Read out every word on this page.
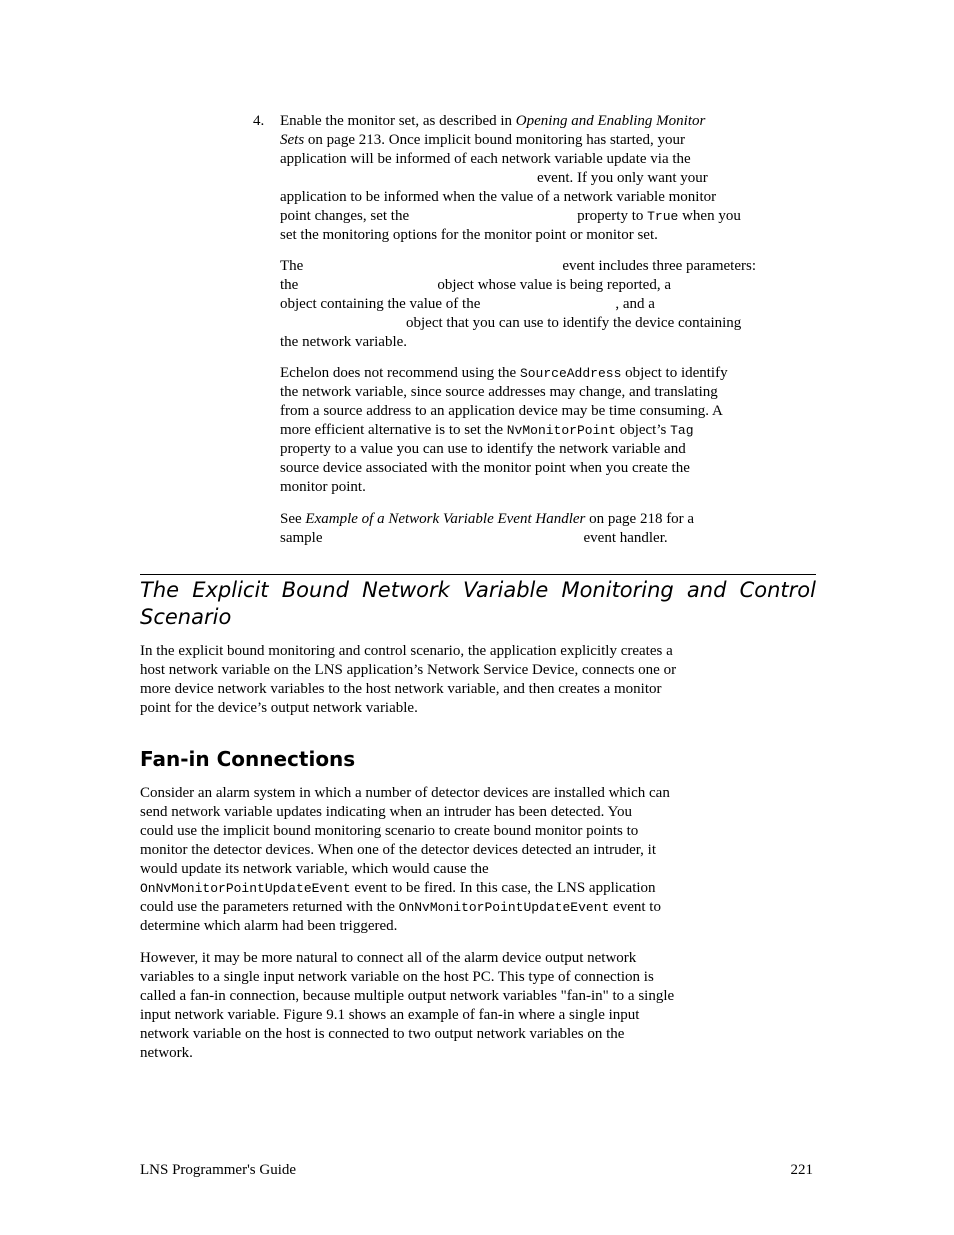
4. Enable the monitor set, as described in Opening and Enabling Monitor

Sets on page 213. Once implicit bound monitoring has started, your

application will be informed of each network variable update via the

event. If you only want your

application to be informed when the value of a network variable monitor

point changes, set the	property to True when you

set the monitoring options for the monitor point or monitor set.

The	event includes three parameters:

the	object whose value is being reported, a

object containing the value of the	, and a

object that you can use to identify the device containing

the network variable.

Echelon does not recommend using the SourceAddress object to identify

the network variable, since source addresses may change, and translating

from a source address to an application device may be time consuming. A

more efficient alternative is to set the NvMonitorPoint object’s Tag

property to a value you can use to identify the network variable and

source device associated with the monitor point when you create the

monitor point.

See Example of a Network Variable Event Handler on page 218 for a

sample	event handler.

The Explicit Bound Network Variable Monitoring and Control
Scenario

In the explicit bound monitoring and control scenario, the application explicitly creates a

host network variable on the LNS application’s Network Service Device, connects one or

more device network variables to the host network variable, and then creates a monitor

point for the device’s output network variable.

Fan-in Connections

Consider an alarm system in which a number of detector devices are installed which can

send network variable updates indicating when an intruder has been detected. You

could use the implicit bound monitoring scenario to create bound monitor points to

monitor the detector devices. When one of the detector devices detected an intruder, it

would update its network variable, which would cause the

OnNvMonitorPointUpdateEvent event to be fired. In this case, the LNS application

could use the parameters returned with the OnNvMonitorPointUpdateEvent event to

determine which alarm had been triggered.

However, it may be more natural to connect all of the alarm device output network

variables to a single input network variable on the host PC. This type of connection is

called a fan-in connection, because multiple output network variables "fan-in" to a single

input network variable. Figure 9.1 shows an example of fan-in where a single input

network variable on the host is connected to two output network variables on the

network.

LNS Programmer's Guide	221
